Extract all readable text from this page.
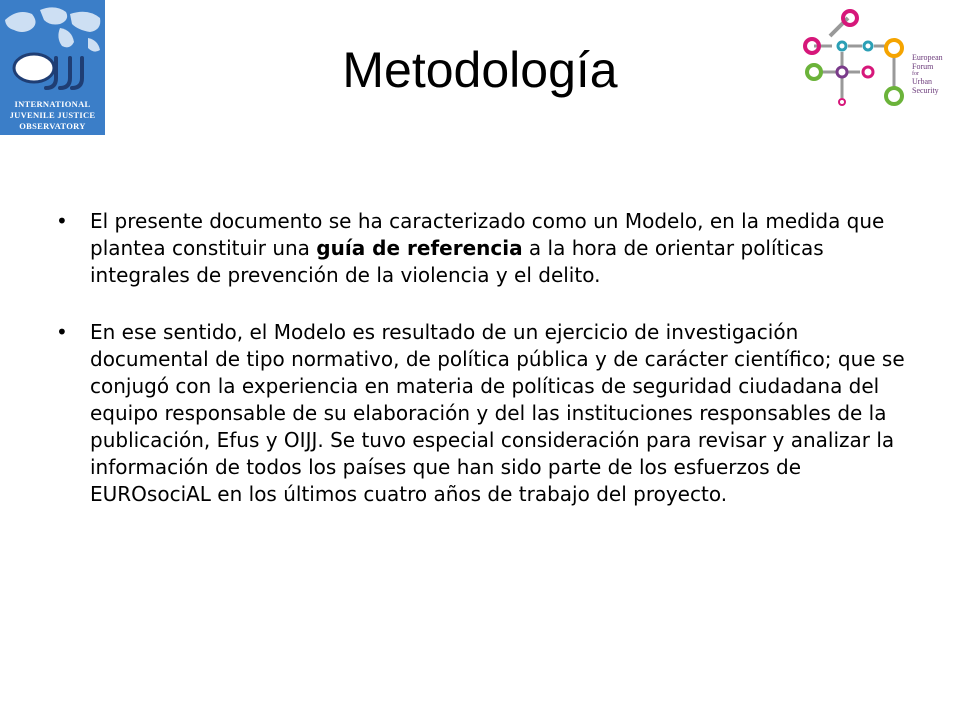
INTERNATIONAL
JUVENILE JUSTICE
OBSERVATORY
European
Forum
for
Urban
Security
Metodología
• El presente documento se ha caracterizado como un Modelo, en la medida que plantea constituir una guía de referencia a la hora de orientar políticas integrales de prevención de la violencia y el delito.

• En ese sentido, el Modelo es resultado de un ejercicio de investigación documental de tipo normativo, de política pública y de carácter científico; que se conjugó con la experiencia en materia de políticas de seguridad ciudadana del equipo responsable de su elaboración y del las instituciones responsables de la publicación, Efus y OIJJ. Se tuvo especial consideración para revisar y analizar la información de todos los países que han sido parte de los esfuerzos de EUROsociAL en los últimos cuatro años de trabajo del proyecto.
